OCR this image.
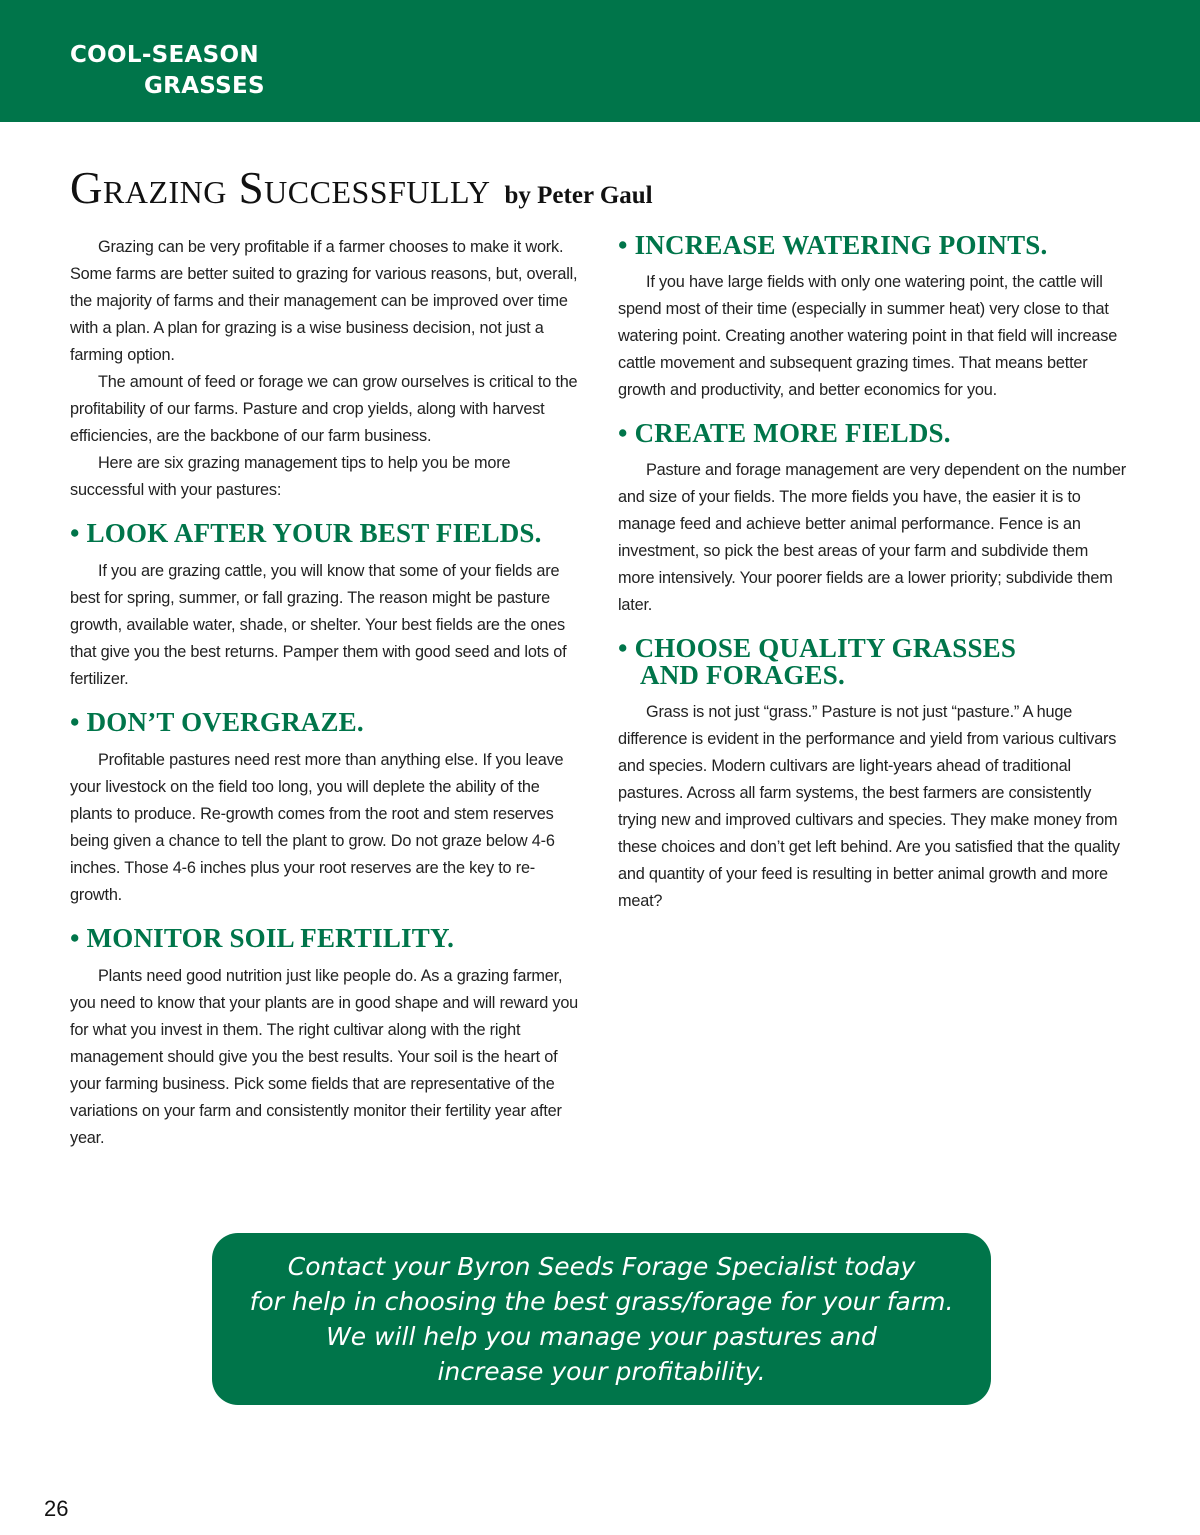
COOL-SEASON
GRASSES
Grazing Successfully by Peter Gaul

Grazing can be very profitable if a farmer chooses to make it work. Some farms are better suited to grazing for various reasons, but, overall, the majority of farms and their management can be improved over time with a plan. A plan for grazing is a wise business decision, not just a farming option.

The amount of feed or forage we can grow ourselves is critical to the profitability of our farms. Pasture and crop yields, along with harvest efficiencies, are the backbone of our farm business.

Here are six grazing management tips to help you be more successful with your pastures:

• LOOK AFTER YOUR BEST FIELDS.

If you are grazing cattle, you will know that some of your fields are best for spring, summer, or fall grazing. The reason might be pasture growth, available water, shade, or shelter. Your best fields are the ones that give you the best returns. Pamper them with good seed and lots of fertilizer.

• DON’T OVERGRAZE.

Profitable pastures need rest more than anything else. If you leave your livestock on the field too long, you will deplete the ability of the plants to produce. Re-growth comes from the root and stem reserves being given a chance to tell the plant to grow. Do not graze below 4-6 inches. Those 4-6 inches plus your root reserves are the key to re-growth.

• MONITOR SOIL FERTILITY.

Plants need good nutrition just like people do. As a grazing farmer, you need to know that your plants are in good shape and will reward you for what you invest in them. The right cultivar along with the right management should give you the best results. Your soil is the heart of your farming business. Pick some fields that are representative of the variations on your farm and consistently monitor their fertility year after year.

• INCREASE WATERING POINTS.

If you have large fields with only one watering point, the cattle will spend most of their time (especially in summer heat) very close to that watering point. Creating another watering point in that field will increase cattle movement and subsequent grazing times. That means better growth and productivity, and better economics for you.

• CREATE MORE FIELDS.

Pasture and forage management are very dependent on the number and size of your fields. The more fields you have, the easier it is to manage feed and achieve better animal performance. Fence is an investment, so pick the best areas of your farm and subdivide them more intensively. Your poorer fields are a lower priority; subdivide them later.

• CHOOSE QUALITY GRASSES
AND FORAGES.

Grass is not just “grass.” Pasture is not just “pasture.” A huge difference is evident in the performance and yield from various cultivars and species. Modern cultivars are light-years ahead of traditional pastures. Across all farm systems, the best farmers are consistently trying new and improved cultivars and species. They make money from these choices and don’t get left behind. Are you satisfied that the quality and quantity of your feed is resulting in better animal growth and more meat?

Contact your Byron Seeds Forage Specialist today
for help in choosing the best grass/forage for your farm.
We will help you manage your pastures and
increase your profitability.
26
